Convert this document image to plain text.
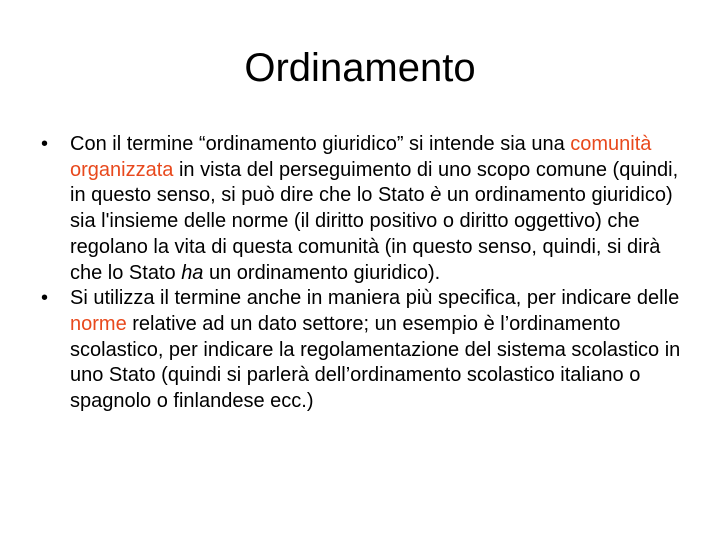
Ordinamento
• Con il termine “ordinamento giuridico” si intende sia una comunità organizzata in vista del perseguimento di uno scopo comune (quindi, in questo senso, si può dire che lo Stato è un ordinamento giuridico) sia l'insieme delle norme (il diritto positivo o diritto oggettivo) che regolano la vita di questa comunità (in questo senso, quindi, si dirà che lo Stato ha un ordinamento giuridico).
• Si utilizza il termine anche in maniera più specifica, per indicare delle norme relative ad un dato settore; un esempio è l’ordinamento scolastico, per indicare la regolamentazione del sistema scolastico in uno Stato (quindi si parlerà dell’ordinamento scolastico italiano o spagnolo o finlandese ecc.)
